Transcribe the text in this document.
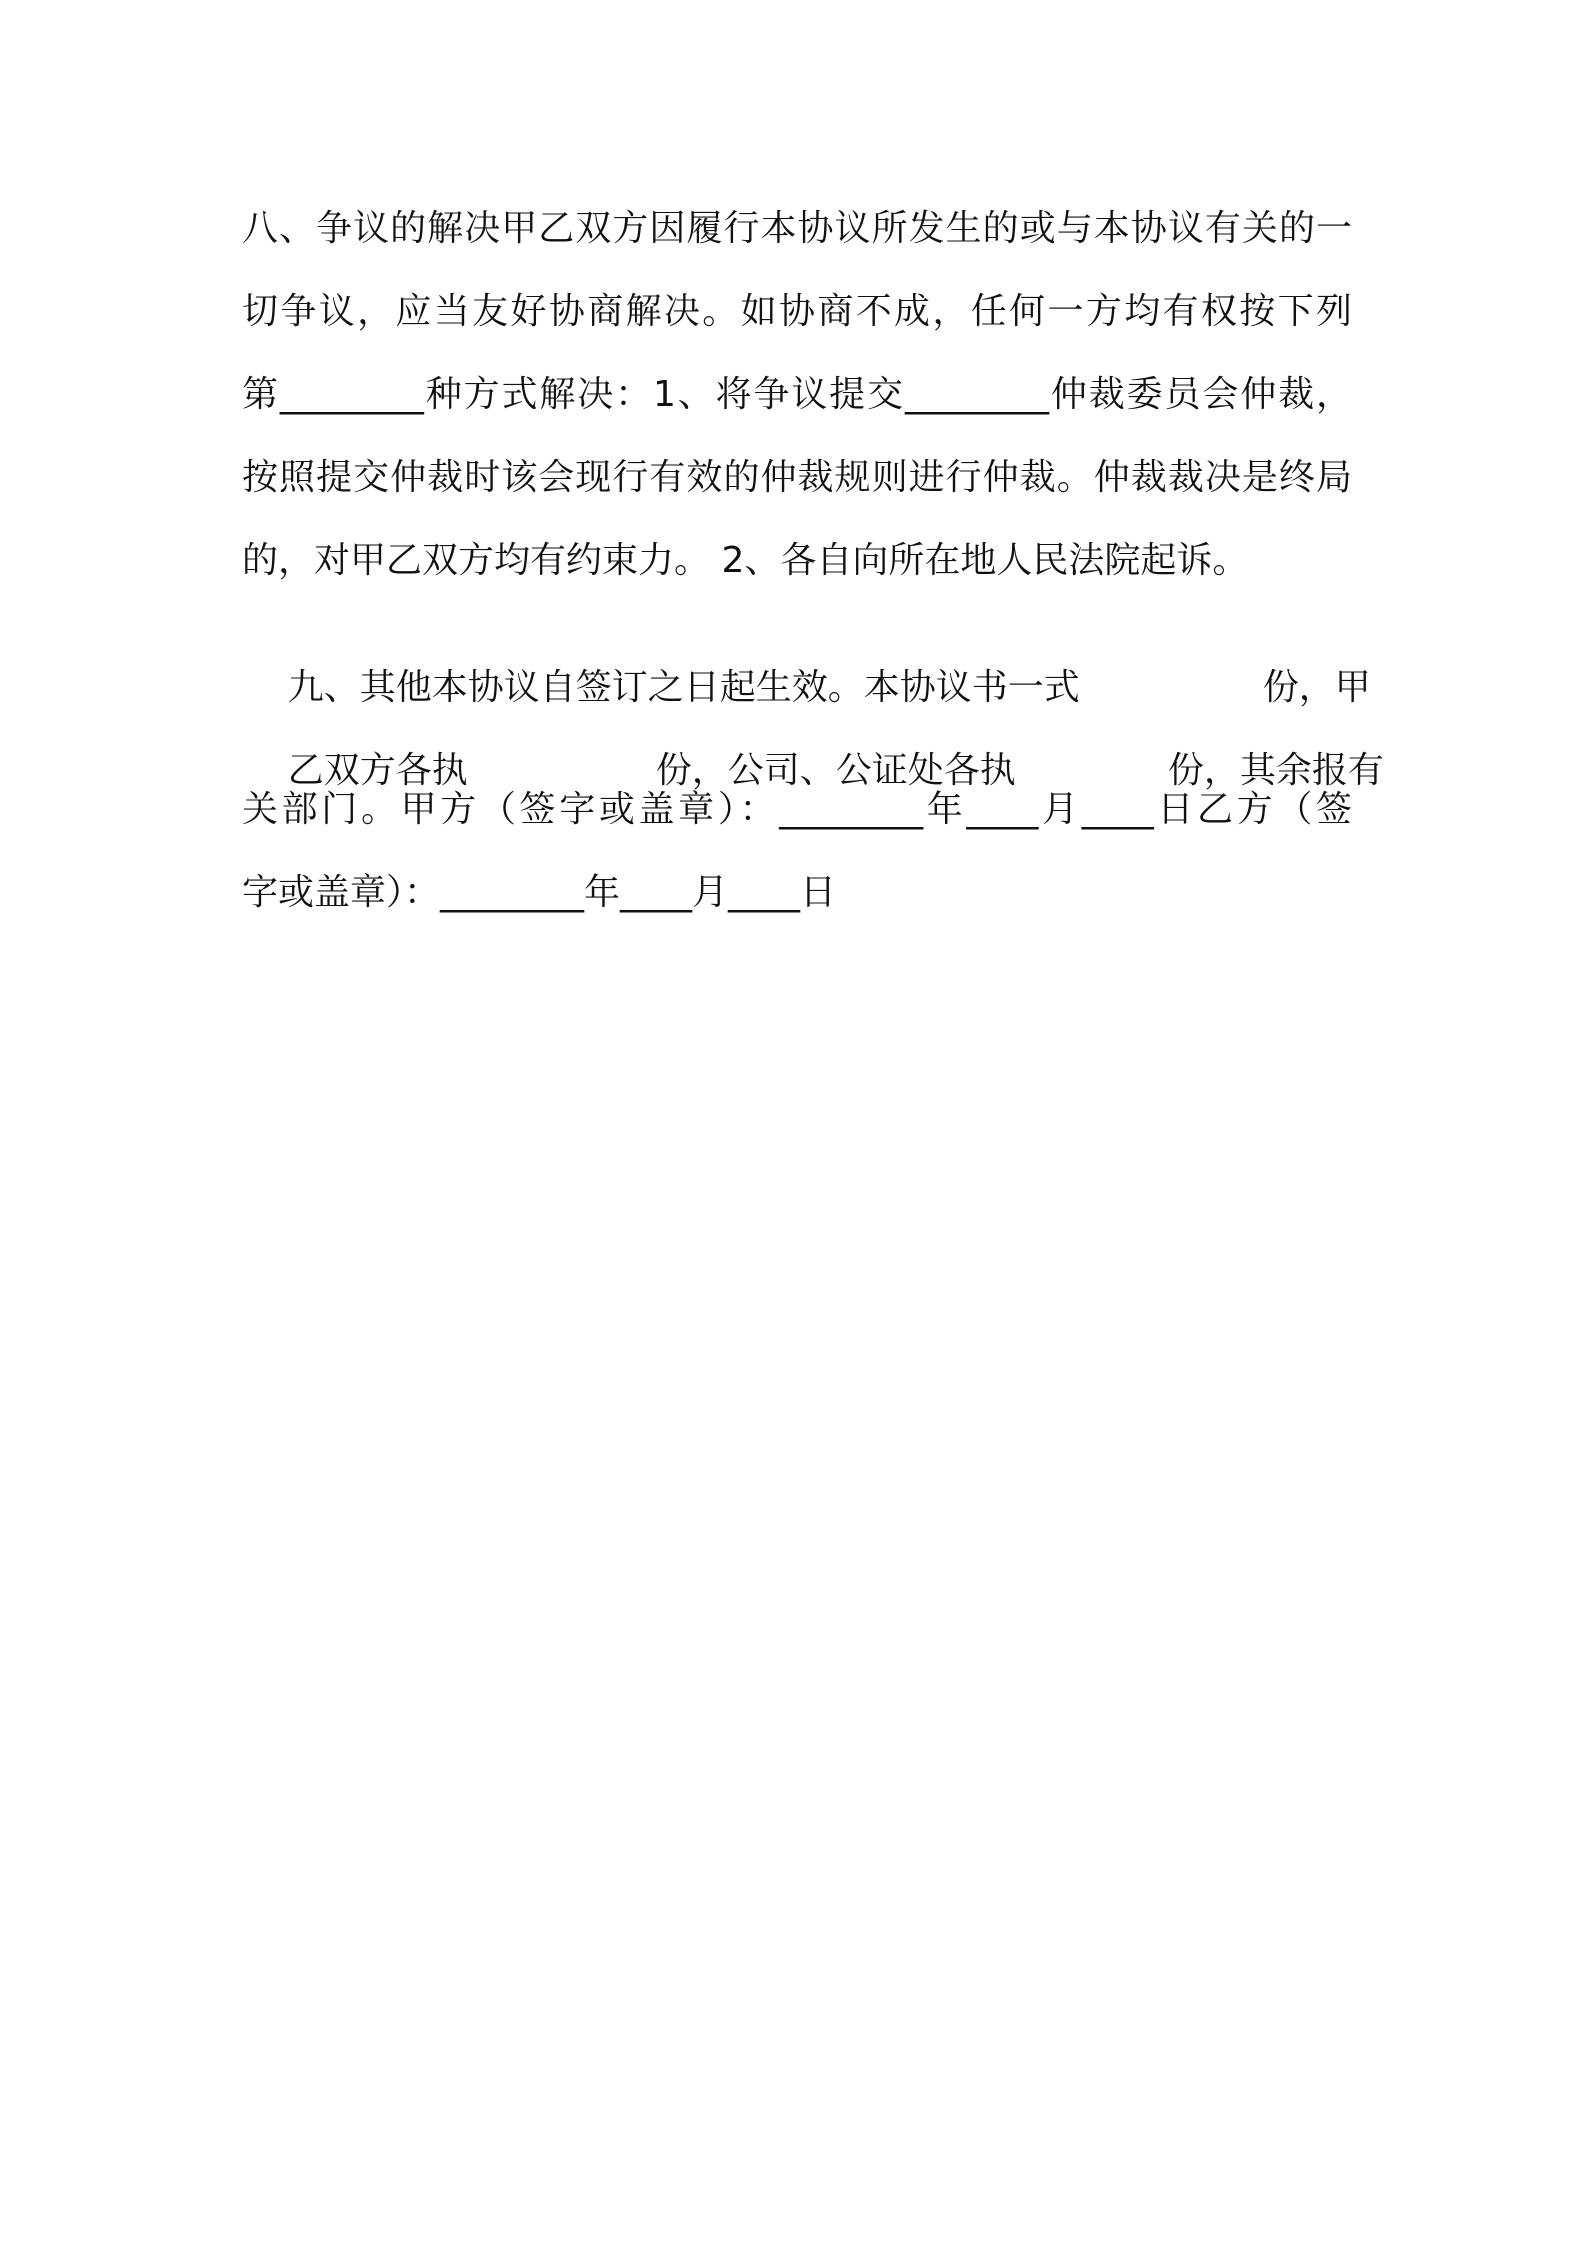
八、争议的解决甲乙双方因履行本协议所发生的或与本协议有关的一
切争议，应当友好协商解决。如协商不成，任何一方均有权按下列
第________种方式解决：1、将争议提交________仲裁委员会仲裁，
按照提交仲裁时该会现行有效的仲裁规则进行仲裁。仲裁裁决是终局
的，对甲乙双方均有约束力。 2、各自向所在地人民法院起诉。

九、其他本协议自签订之日起生效。本协议书一式	份，甲

乙双方各执	份，公司、公证处各执	份，其余报有

关部门。甲方（签字或盖章）：________年____月____日乙方（签
字或盖章）：________年____月____日
